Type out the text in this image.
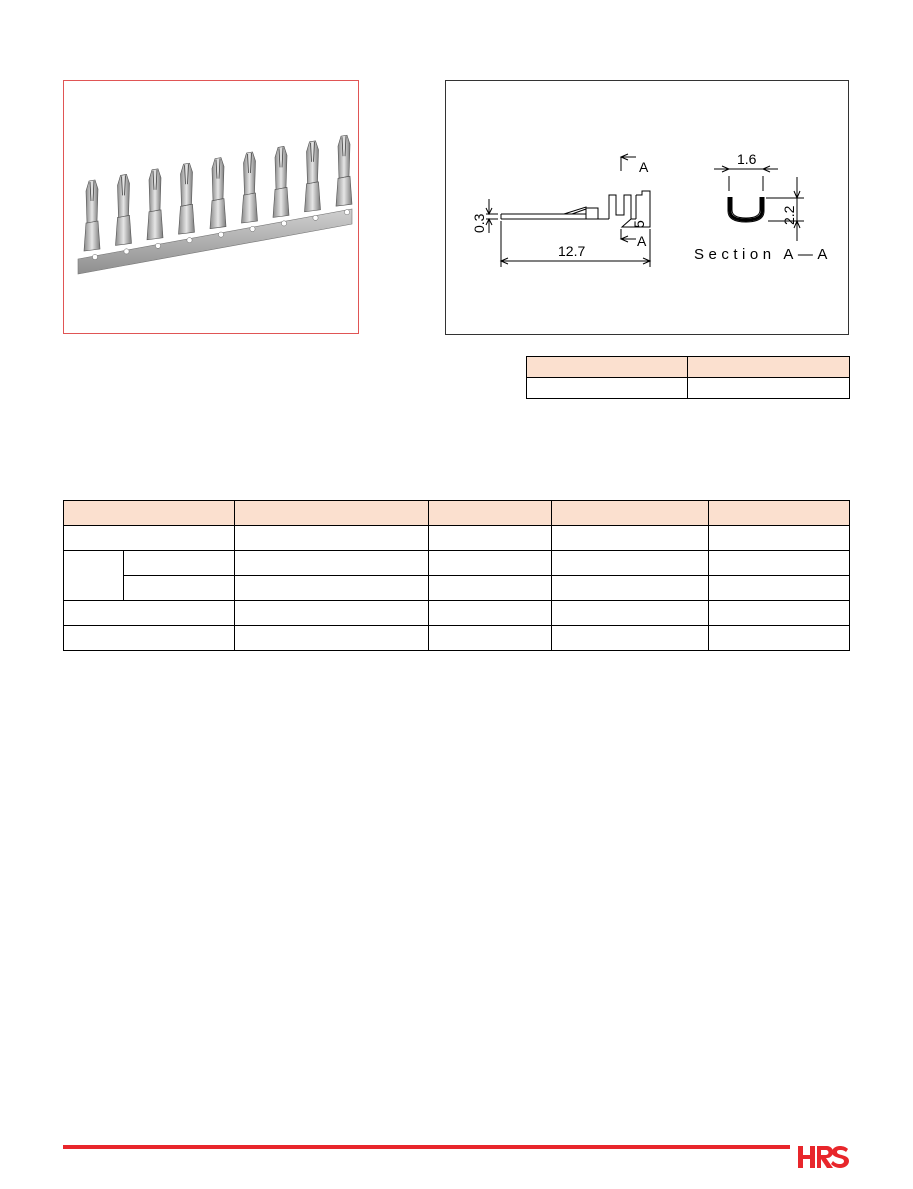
5
12.7
0.3
A
A
1.6
2.2
Section A—A
